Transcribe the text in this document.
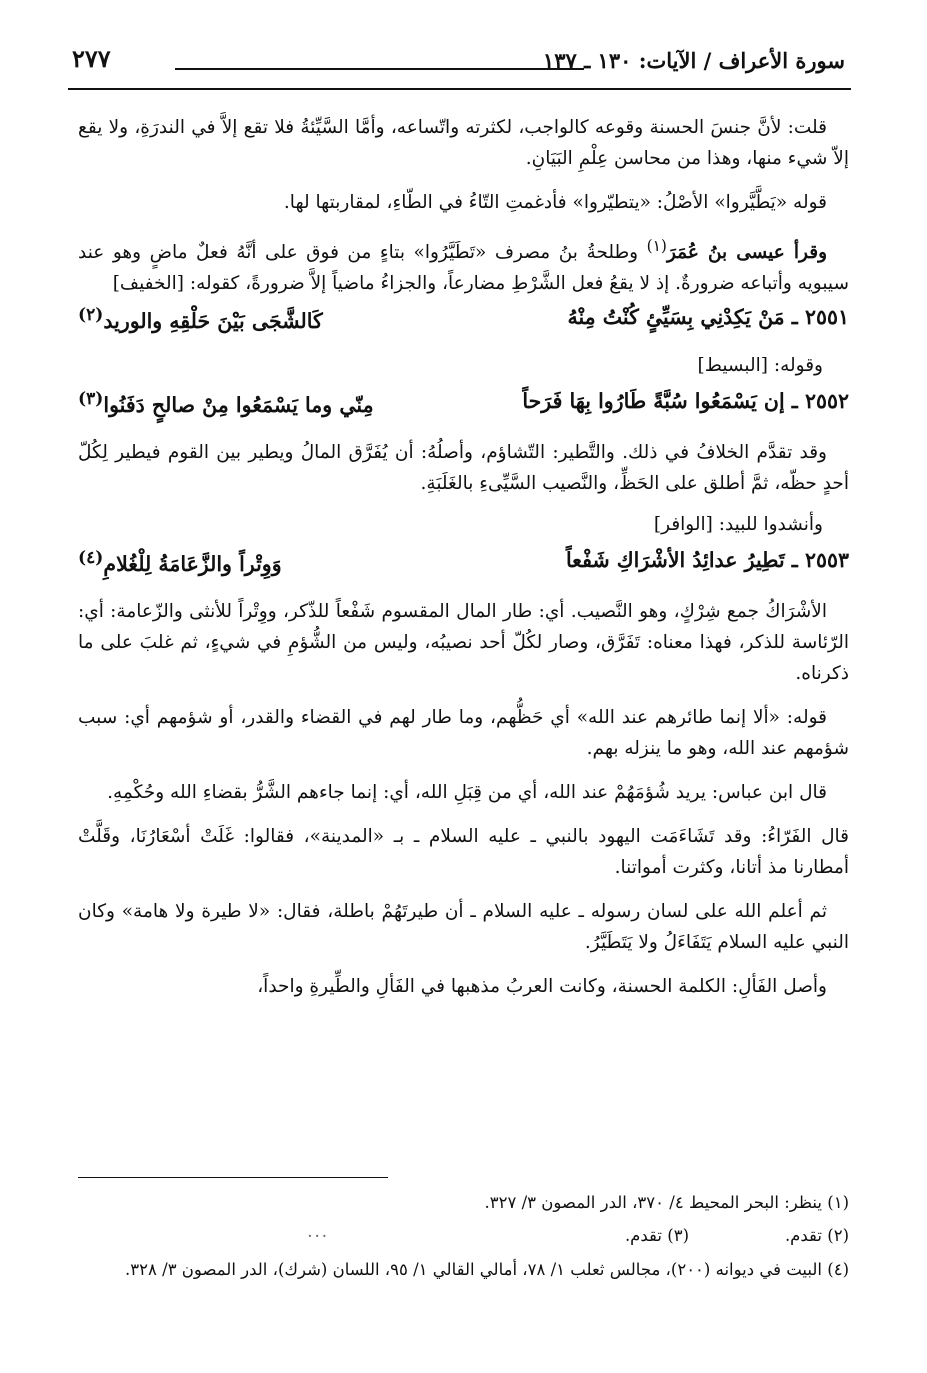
سورة الأعراف / الآيات: ١٣٠ ـ ١٣٧
٢٧٧

قلت: لأنَّ جنسَ الحسنة وقوعه كالواجب، لكثرته واتّساعه، وأمَّا السَّيِّئةُ فلا تقع إلاَّ في الندرَةِ، ولا يقع إلاّ شيء منها، وهذا من محاسن عِلْمِ البَيَانِ.

قوله «يَطَّيَّروا» الأصْلُ: «يتطيّروا» فأدغمتِ التّاءُ في الطّاءِ، لمقاربتها لها.

وقرأ عيسى بنُ عُمَرَ$^{(١)}$ وطلحةُ بنُ مصرف «تَطَيَّرُوا» بتاءٍ من فوق على أنَّهُ فعلٌ ماضٍ وهو عند سيبويه وأتباعه ضرورةٌ. إذ لا يقعُ فعل الشَّرْطِ مضارعاً، والجزاءُ ماضياً إلاَّ ضرورةً، كقوله: [الخفيف]

٢٥٥١ ـ مَنْ يَكِدْنِي بِسَيِّئٍ كُنْتُ مِنْهُ
كَالشَّجَى بَيْنَ حَلْقِهِ والوريد$^{(٢)}$
وقوله: [البسيط]
٢٥٥٢ ـ إن يَسْمَعُوا سُبَّةً طَارُوا بِهَا فَرَحاً
مِنّي وما يَسْمَعُوا مِنْ صالحٍ دَفَنُوا$^{(٣)}$

وقد تقدَّم الخلافُ في ذلك. والتَّطير: التّشاؤم، وأصلُهُ: أن يُفَرَّق المالُ ويطير بين القوم فيطير لِكُلّ أحدٍ حظّه، ثمَّ أطلق على الحَظِّ، والنَّصيب السَّيِّىءِ بالغَلَبَةِ.

وأنشدوا للبيد: [الوافر]
٢٥٥٣ ـ تَطِيرُ عدائِدُ الأشْرَاكِ شَفْعاً
وَوِتْراً والزَّعَامَةُ لِلْغُلامِ$^{(٤)}$

الأشْرَاكُ جمع شِرْكٍ، وهو النَّصيب. أي: طار المال المقسوم شَفْعاً للذّكر، ووِتْراً للأنثى والزّعامة: أي: الرّئاسة للذكر، فهذا معناه: تَفَرَّق، وصار لكُلّ أحد نصيبُه، وليس من الشُّؤمِ في شيءٍ، ثم غلبَ على ما ذكرناه.

قوله: «ألا إنما طائرهم عند الله» أي حَظُّهم، وما طار لهم في القضاء والقدر، أو شؤمهم أي: سبب شؤمهم عند الله، وهو ما ينزله بهم.

قال ابن عباس: يريد شُؤمَهُمْ عند الله، أي من قِبَلِ الله، أي: إنما جاءهم الشَّرُّ بقضاءِ الله وحُكْمِهِ.

قال الفَرّاءُ: وقد تَشَاءَمَت اليهود بالنبي ـ عليه السلام ـ بـ «المدينة»، فقالوا: غَلَتْ أسْعَارُنَا، وقَلَّتْ أمطارنا مذ أتانا، وكثرت أمواتنا.

ثم أعلم الله على لسان رسوله ـ عليه السلام ـ أن طيرتَهُمْ باطلة، فقال: «لا طيرة ولا هامة» وكان النبي عليه السلام يَتَفَاءَلُ ولا يَتَطَيَّرُ.

وأصل الفَألِ: الكلمة الحسنة، وكانت العربُ مذهبها في الفَألِ والطِّيرةِ واحداً،

(١) ينظر: البحر المحيط ٤/ ٣٧٠، الدر المصون ٣/ ٣٢٧.
(٢) تقدم.
(٣) تقدم.
...
(٤) البيت في ديوانه (٢٠٠)، مجالس ثعلب ١/ ٧٨، أمالي القالي ١/ ٩٥، اللسان (شرك)، الدر المصون ٣/ ٣٢٨.
